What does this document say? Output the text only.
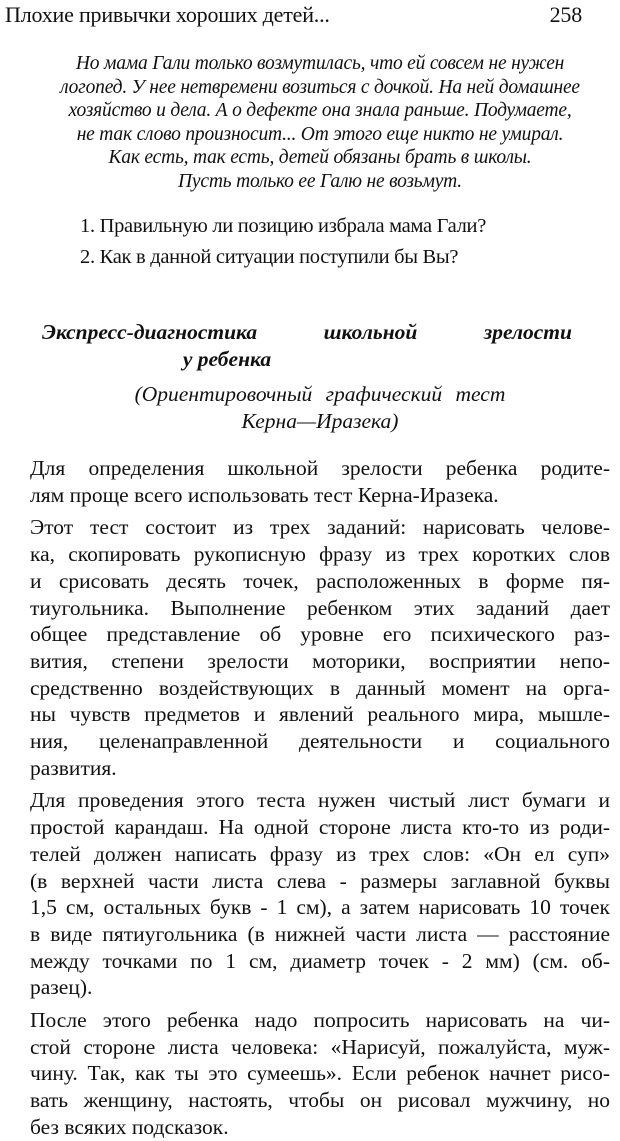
Плохие привычки хороших детей...	258
Но мама Гали только возмутилась, что ей совсем не нужен
логопед. У нее нетвремени возиться с дочкой. На ней домашнее
хозяйство и дела. А о дефекте она знала раньше. Подумаете,
не так слово произносит... От этого еще никто не умирал.
Как есть, так есть, детей обязаны брать в школы.
Пусть только ее Галю не возьмут.
1. Правильную ли позицию избрала мама Гали?
2. Как в данной ситуации поступили бы Вы?
Экспресс-диагностика	школьной	зрелости
у ребенка
(Ориентировочный графический тест
Керна—Иразека)
Для определения школьной зрелости ребенка родите-
лям проще всего использовать тест Керна-Иразека.
Этот тест состоит из трех заданий: нарисовать челове-
ка, скопировать рукописную фразу из трех коротких слов
и срисовать десять точек, расположенных в форме пя-
тиугольника. Выполнение ребенком этих заданий дает
общее представление об уровне его психического раз-
вития, степени зрелости моторики, восприятии непо-
средственно воздействующих в данный момент на орга-
ны чувств предметов и явлений реального мира, мышле-
ния, целенаправленной деятельности и социального
развития.
Для проведения этого теста нужен чистый лист бумаги и
простой карандаш. На одной стороне листа кто-то из роди-
телей должен написать фразу из трех слов: «Он ел суп»
(в верхней части листа слева - размеры заглавной буквы
1,5 см, остальных букв - 1 см), а затем нарисовать 10 точек
в виде пятиугольника (в нижней части листа — расстояние
между точками по 1 см, диаметр точек - 2 мм) (см. об-
разец).
После этого ребенка надо попросить нарисовать на чи-
стой стороне листа человека: «Нарисуй, пожалуйста, муж-
чину. Так, как ты это сумеешь». Если ребенок начнет рисо-
вать женщину, настоять, чтобы он рисовал мужчину, но
без всяких подсказок.
